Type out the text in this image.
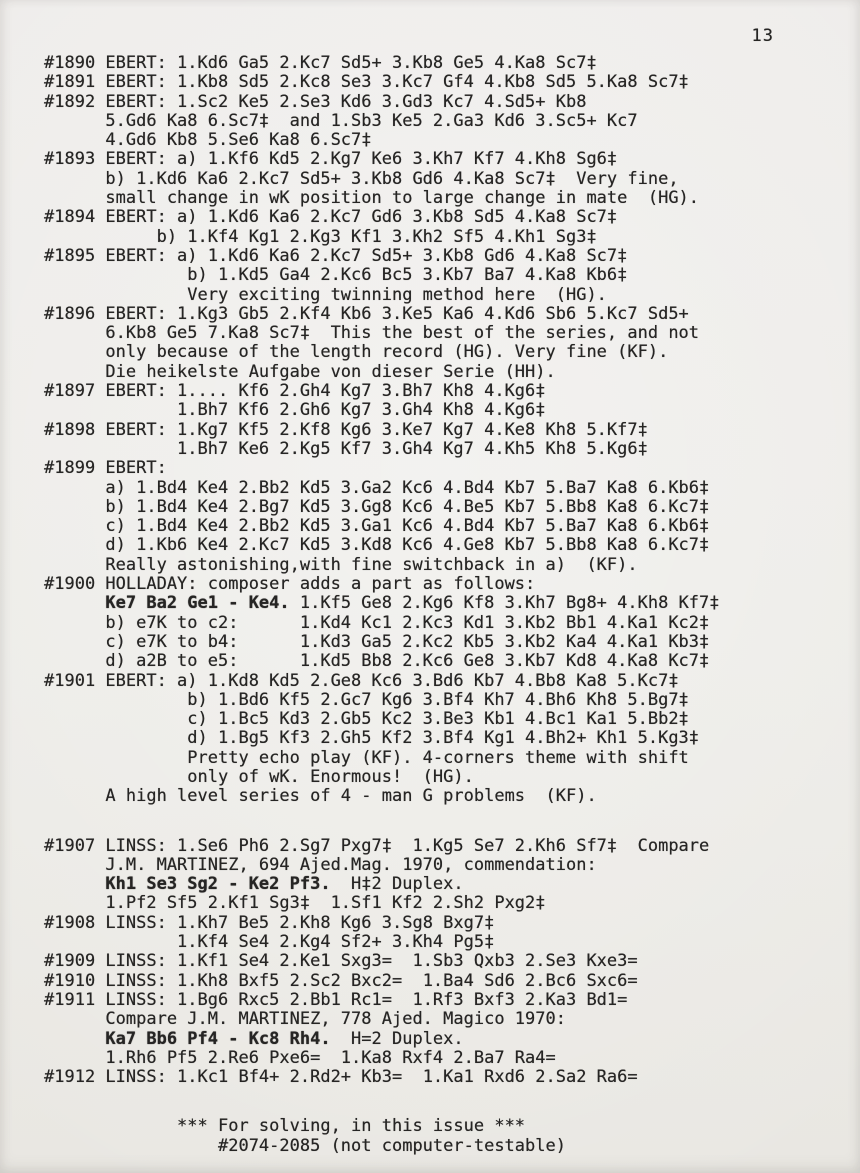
13
#1890 EBERT: 1.Kd6 Ga5 2.Kc7 Sd5+ 3.Kb8 Ge5 4.Ka8 Sc7‡
#1891 EBERT: 1.Kb8 Sd5 2.Kc8 Se3 3.Kc7 Gf4 4.Kb8 Sd5 5.Ka8 Sc7‡
#1892 EBERT: 1.Sc2 Ke5 2.Se3 Kd6 3.Gd3 Kc7 4.Sd5+ Kb8
5.Gd6 Ka8 6.Sc7‡  and 1.Sb3 Ke5 2.Ga3 Kd6 3.Sc5+ Kc7
4.Gd6 Kb8 5.Se6 Ka8 6.Sc7‡
#1893 EBERT: a) 1.Kf6 Kd5 2.Kg7 Ke6 3.Kh7 Kf7 4.Kh8 Sg6‡
b) 1.Kd6 Ka6 2.Kc7 Sd5+ 3.Kb8 Gd6 4.Ka8 Sc7‡  Very fine,
small change in wK position to large change in mate  (HG).
#1894 EBERT: a) 1.Kd6 Ka6 2.Kc7 Gd6 3.Kb8 Sd5 4.Ka8 Sc7‡
b) 1.Kf4 Kg1 2.Kg3 Kf1 3.Kh2 Sf5 4.Kh1 Sg3‡
#1895 EBERT: a) 1.Kd6 Ka6 2.Kc7 Sd5+ 3.Kb8 Gd6 4.Ka8 Sc7‡
b) 1.Kd5 Ga4 2.Kc6 Bc5 3.Kb7 Ba7 4.Ka8 Kb6‡
Very exciting twinning method here  (HG).
#1896 EBERT: 1.Kg3 Gb5 2.Kf4 Kb6 3.Ke5 Ka6 4.Kd6 Sb6 5.Kc7 Sd5+
6.Kb8 Ge5 7.Ka8 Sc7‡  This the best of the series, and not
only because of the length record (HG). Very fine (KF).
Die heikelste Aufgabe von dieser Serie (HH).
#1897 EBERT: 1.... Kf6 2.Gh4 Kg7 3.Bh7 Kh8 4.Kg6‡
1.Bh7 Kf6 2.Gh6 Kg7 3.Gh4 Kh8 4.Kg6‡
#1898 EBERT: 1.Kg7 Kf5 2.Kf8 Kg6 3.Ke7 Kg7 4.Ke8 Kh8 5.Kf7‡
1.Bh7 Ke6 2.Kg5 Kf7 3.Gh4 Kg7 4.Kh5 Kh8 5.Kg6‡
#1899 EBERT:
a) 1.Bd4 Ke4 2.Bb2 Kd5 3.Ga2 Kc6 4.Bd4 Kb7 5.Ba7 Ka8 6.Kb6‡
b) 1.Bd4 Ke4 2.Bg7 Kd5 3.Gg8 Kc6 4.Be5 Kb7 5.Bb8 Ka8 6.Kc7‡
c) 1.Bd4 Ke4 2.Bb2 Kd5 3.Ga1 Kc6 4.Bd4 Kb7 5.Ba7 Ka8 6.Kb6‡
d) 1.Kb6 Ke4 2.Kc7 Kd5 3.Kd8 Kc6 4.Ge8 Kb7 5.Bb8 Ka8 6.Kc7‡
Really astonishing,with fine switchback in a)  (KF).
#1900 HOLLADAY: composer adds a part as follows:
Ke7 Ba2 Ge1 - Ke4. 1.Kf5 Ge8 2.Kg6 Kf8 3.Kh7 Bg8+ 4.Kh8 Kf7‡
b) e7K to c2:      1.Kd4 Kc1 2.Kc3 Kd1 3.Kb2 Bb1 4.Ka1 Kc2‡
c) e7K to b4:      1.Kd3 Ga5 2.Kc2 Kb5 3.Kb2 Ka4 4.Ka1 Kb3‡
d) a2B to e5:      1.Kd5 Bb8 2.Kc6 Ge8 3.Kb7 Kd8 4.Ka8 Kc7‡
#1901 EBERT: a) 1.Kd8 Kd5 2.Ge8 Kc6 3.Bd6 Kb7 4.Bb8 Ka8 5.Kc7‡
b) 1.Bd6 Kf5 2.Gc7 Kg6 3.Bf4 Kh7 4.Bh6 Kh8 5.Bg7‡
c) 1.Bc5 Kd3 2.Gb5 Kc2 3.Be3 Kb1 4.Bc1 Ka1 5.Bb2‡
d) 1.Bg5 Kf3 2.Gh5 Kf2 3.Bf4 Kg1 4.Bh2+ Kh1 5.Kg3‡
Pretty echo play (KF). 4-corners theme with shift
only of wK. Enormous!  (HG).
A high level series of 4 - man G problems  (KF).

#1907 LINSS: 1.Se6 Ph6 2.Sg7 Pxg7‡  1.Kg5 Se7 2.Kh6 Sf7‡  Compare
J.M. MARTINEZ, 694 Ajed.Mag. 1970, commendation:
Kh1 Se3 Sg2 - Ke2 Pf3.  H‡2 Duplex.
1.Pf2 Sf5 2.Kf1 Sg3‡  1.Sf1 Kf2 2.Sh2 Pxg2‡
#1908 LINSS: 1.Kh7 Be5 2.Kh8 Kg6 3.Sg8 Bxg7‡
1.Kf4 Se4 2.Kg4 Sf2+ 3.Kh4 Pg5‡
#1909 LINSS: 1.Kf1 Se4 2.Ke1 Sxg3=  1.Sb3 Qxb3 2.Se3 Kxe3=
#1910 LINSS: 1.Kh8 Bxf5 2.Sc2 Bxc2=  1.Ba4 Sd6 2.Bc6 Sxc6=
#1911 LINSS: 1.Bg6 Rxc5 2.Bb1 Rc1=  1.Rf3 Bxf3 2.Ka3 Bd1=
Compare J.M. MARTINEZ, 778 Ajed. Magico 1970:
Ka7 Bb6 Pf4 - Kc8 Rh4.  H=2 Duplex.
1.Rh6 Pf5 2.Re6 Pxe6=  1.Ka8 Rxf4 2.Ba7 Ra4=
#1912 LINSS: 1.Kc1 Bf4+ 2.Rd2+ Kb3=  1.Ka1 Rxd6 2.Sa2 Ra6=

*** For solving, in this issue ***
#2074-2085 (not computer-testable)
